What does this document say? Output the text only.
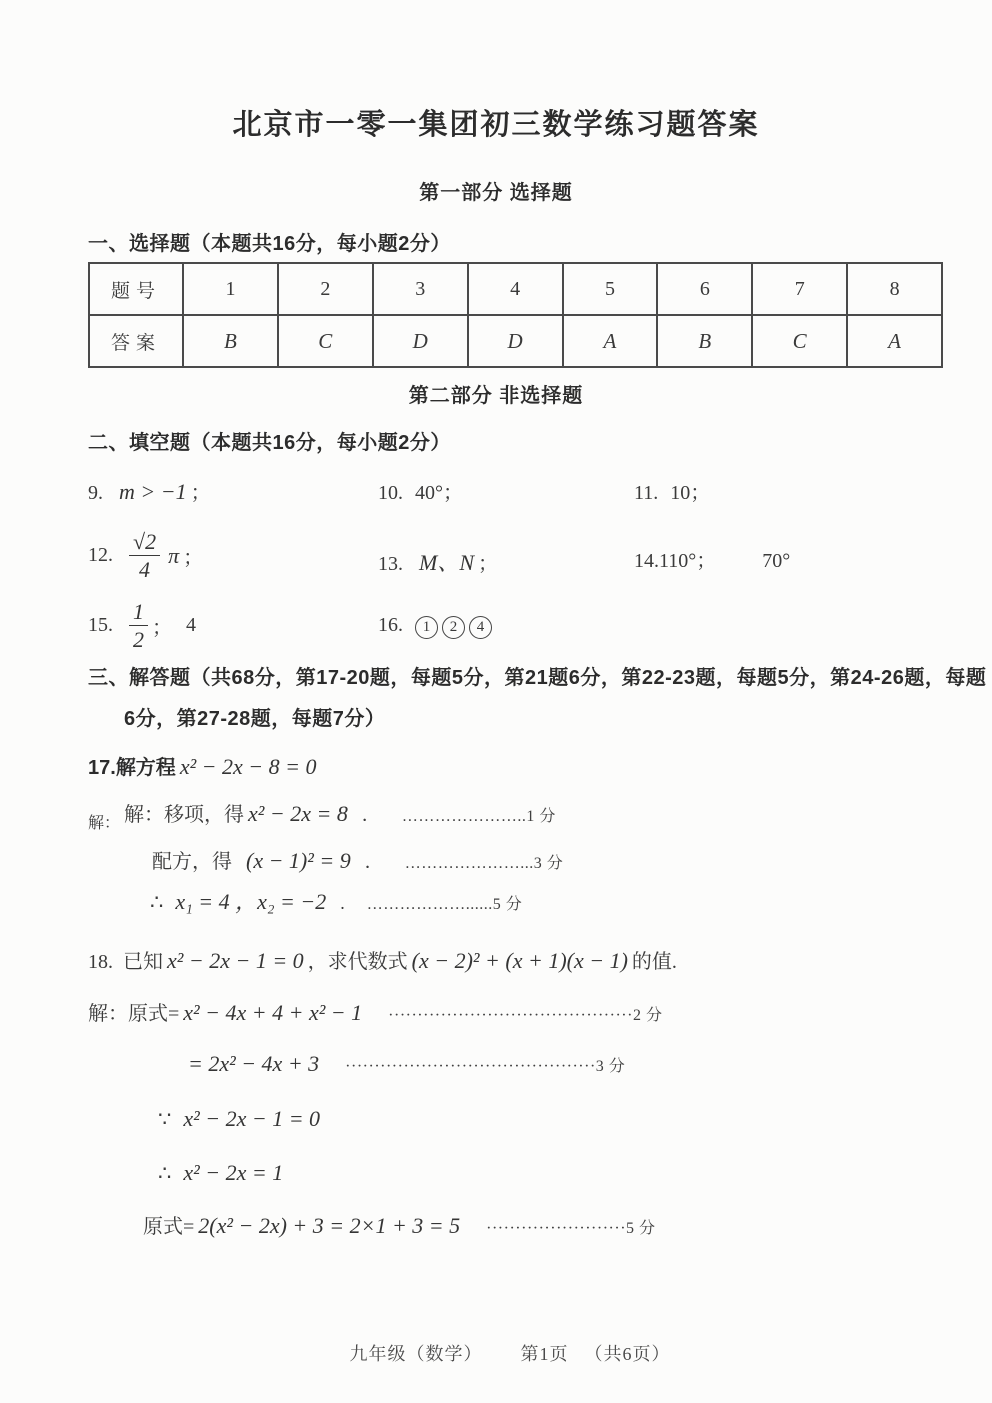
北京市一零一集团初三数学练习题答案
第一部分 选择题
一、选择题（本题共16分，每小题2分）
题号	1	2	3	4	5	6	7	8
答案	B	C	D	D	A	B	C	A
第二部分 非选择题
二、填空题（本题共16分，每小题2分）
9. m > −1 ；	10. 40°；	11. 10；
12. $\frac{√2}{4}$ π ；	13. M、N ；	14.110°； 70°
15. $\frac{1}{2}$ ； 4	16. 1 2 4
三、解答题（共68分，第17-20题，每题5分，第21题6分，第22-23题，每题5分，第24-26题，每题
6分，第27-28题，每题7分）
17.解方程 x² − 2x − 8 = 0
解： 解：移项，得 x² − 2x = 8 ． …………………..1 分
配方，得 (x − 1)² = 9 ． …………………...3 分
∴ x₁ = 4 ，x₂ = −2 . ………………......5 分
18. 已知 x² − 2x − 1 = 0 ，求代数式 (x − 2)² + (x + 1)(x − 1) 的值.
解：原式= x² − 4x + 4 + x² − 1 ··········································2 分
= 2x² − 4x + 3 ···········································3 分
∵ x² − 2x − 1 = 0
∴ x² − 2x = 1
原式= 2(x² − 2x) + 3 = 2×1 + 3 = 5 ························5 分
九年级（数学） 第1页 （共6页）
